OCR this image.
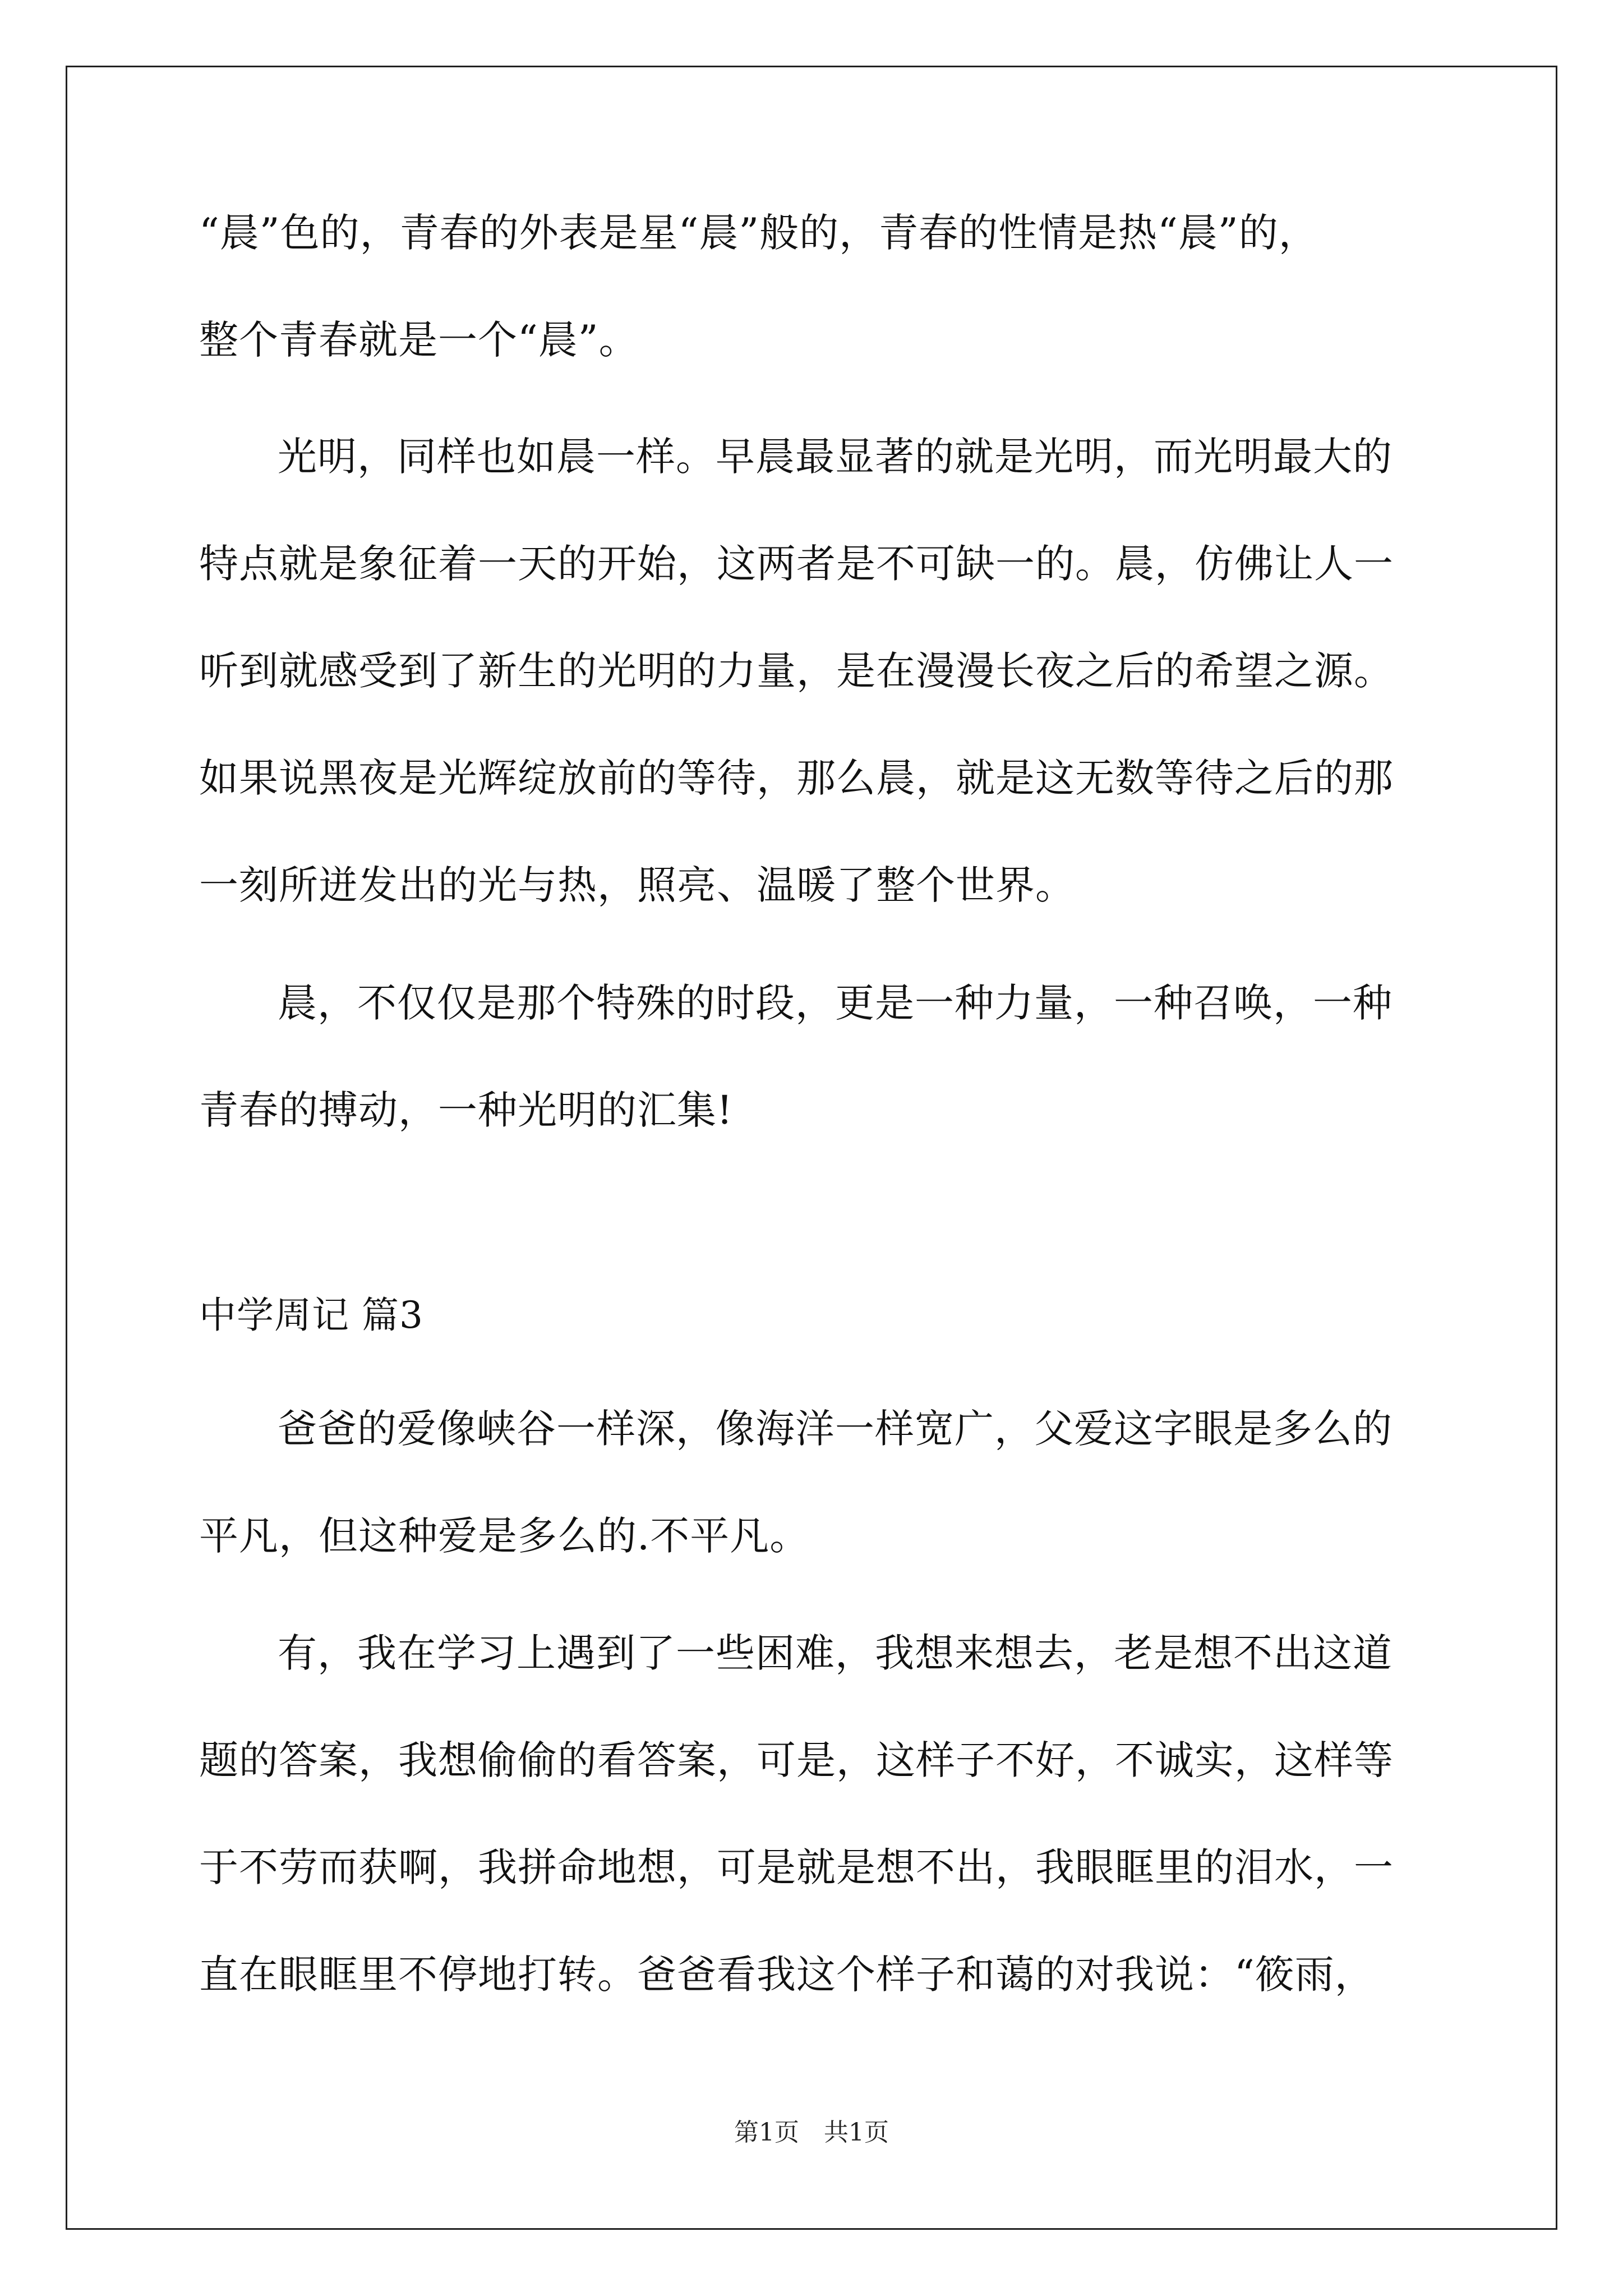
“晨”色的，青春的外表是星“晨”般的，青春的性情是热“晨”的，

整个青春就是一个“晨”。

光明，同样也如晨一样。早晨最显著的就是光明，而光明最大的

特点就是象征着一天的开始，这两者是不可缺一的。晨，仿佛让人一

听到就感受到了新生的光明的力量，是在漫漫长夜之后的希望之源。

如果说黑夜是光辉绽放前的等待，那么晨，就是这无数等待之后的那

一刻所迸发出的光与热，照亮、温暖了整个世界。

晨，不仅仅是那个特殊的时段，更是一种力量，一种召唤，一种

青春的搏动，一种光明的汇集!

中学周记 篇3

爸爸的爱像峡谷一样深，像海洋一样宽广，父爱这字眼是多么的

平凡，但这种爱是多么的.不平凡。

有，我在学习上遇到了一些困难，我想来想去，老是想不出这道

题的答案，我想偷偷的看答案，可是，这样子不好，不诚实，这样等

于不劳而获啊，我拼命地想，可是就是想不出，我眼眶里的泪水，一

直在眼眶里不停地打转。爸爸看我这个样子和蔼的对我说：“筱雨，

第1页　共1页
